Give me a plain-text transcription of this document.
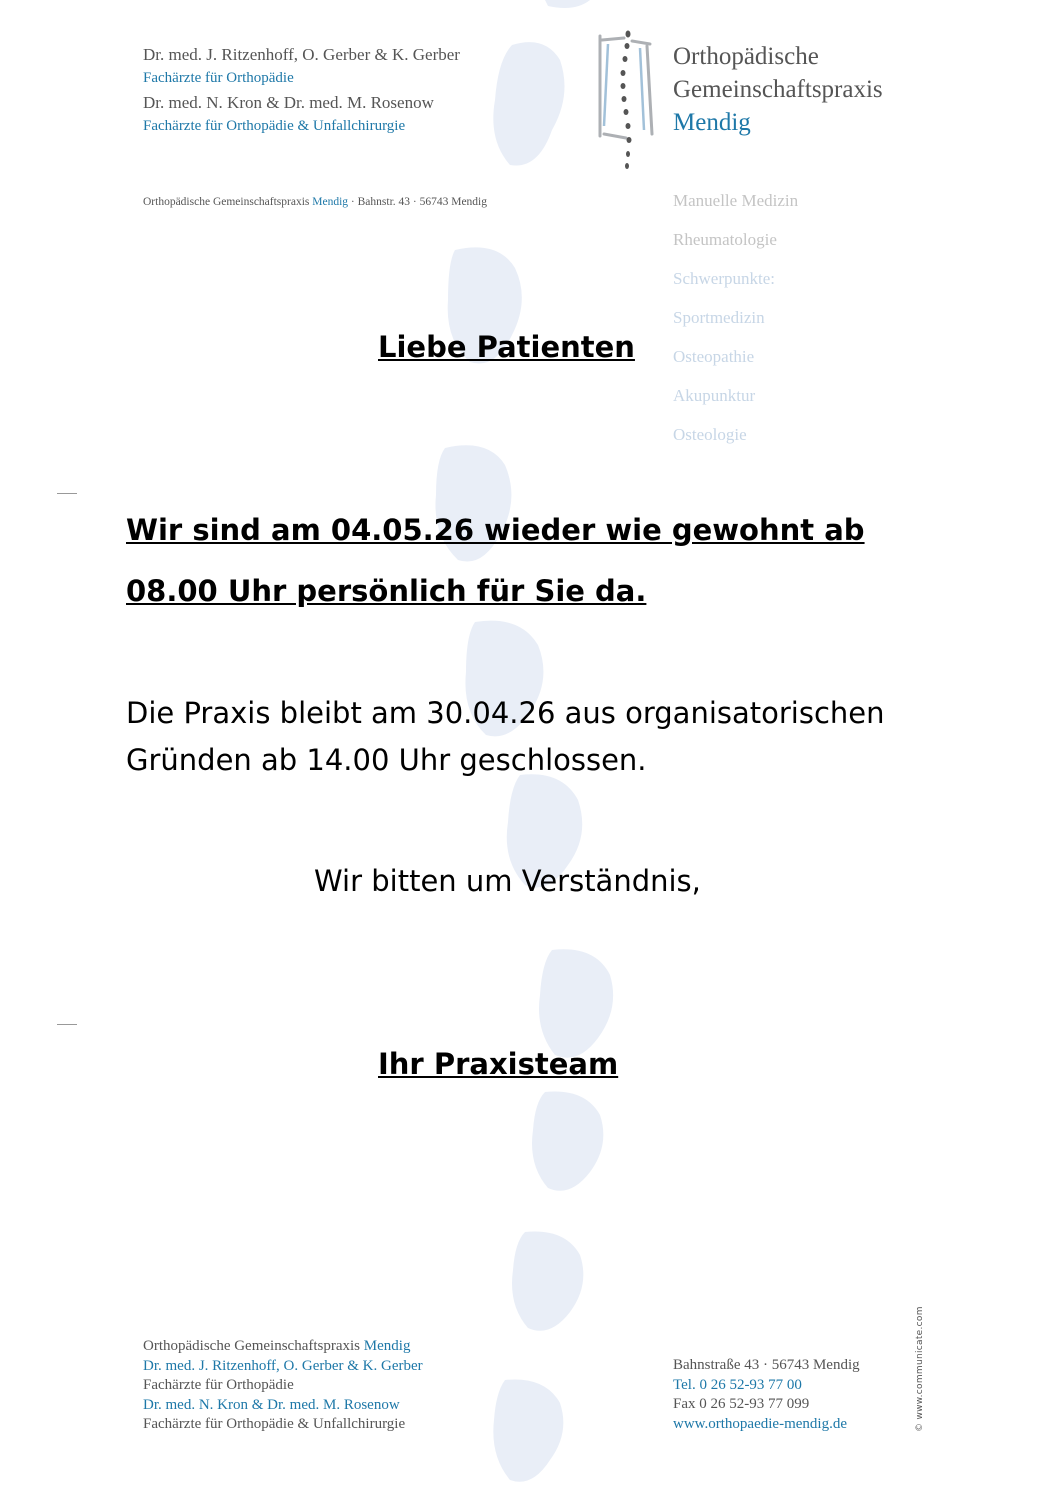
Dr. med. J. Ritzenhoff, O. Gerber & K. Gerber
Fachärzte für Orthopädie
Dr. med. N. Kron & Dr. med. M. Rosenow
Fachärzte für Orthopädie & Unfallchirurgie
Orthopädische Gemeinschaftspraxis Mendig · Bahnstr. 43 · 56743 Mendig
Orthopädische
Gemeinschaftspraxis
Mendig
Manuelle Medizin
Rheumatologie
Schwerpunkte:
Sportmedizin
Osteopathie
Akupunktur
Osteologie
Liebe Patienten
Wir sind am 04.05.26 wieder wie gewohnt ab
08.00 Uhr persönlich für Sie da.
Die Praxis bleibt am 30.04.26 aus organisatorischen
Gründen ab 14.00 Uhr geschlossen.
Wir bitten um Verständnis,
Ihr Praxisteam
Orthopädische Gemeinschaftspraxis Mendig
Dr. med. J. Ritzenhoff, O. Gerber & K. Gerber
Fachärzte für Orthopädie
Dr. med. N. Kron & Dr. med. M. Rosenow
Fachärzte für Orthopädie & Unfallchirurgie
Bahnstraße 43 · 56743 Mendig
Tel. 0 26 52-93 77 00
Fax 0 26 52-93 77 099
www.orthopaedie-mendig.de	© www.communicate.com
